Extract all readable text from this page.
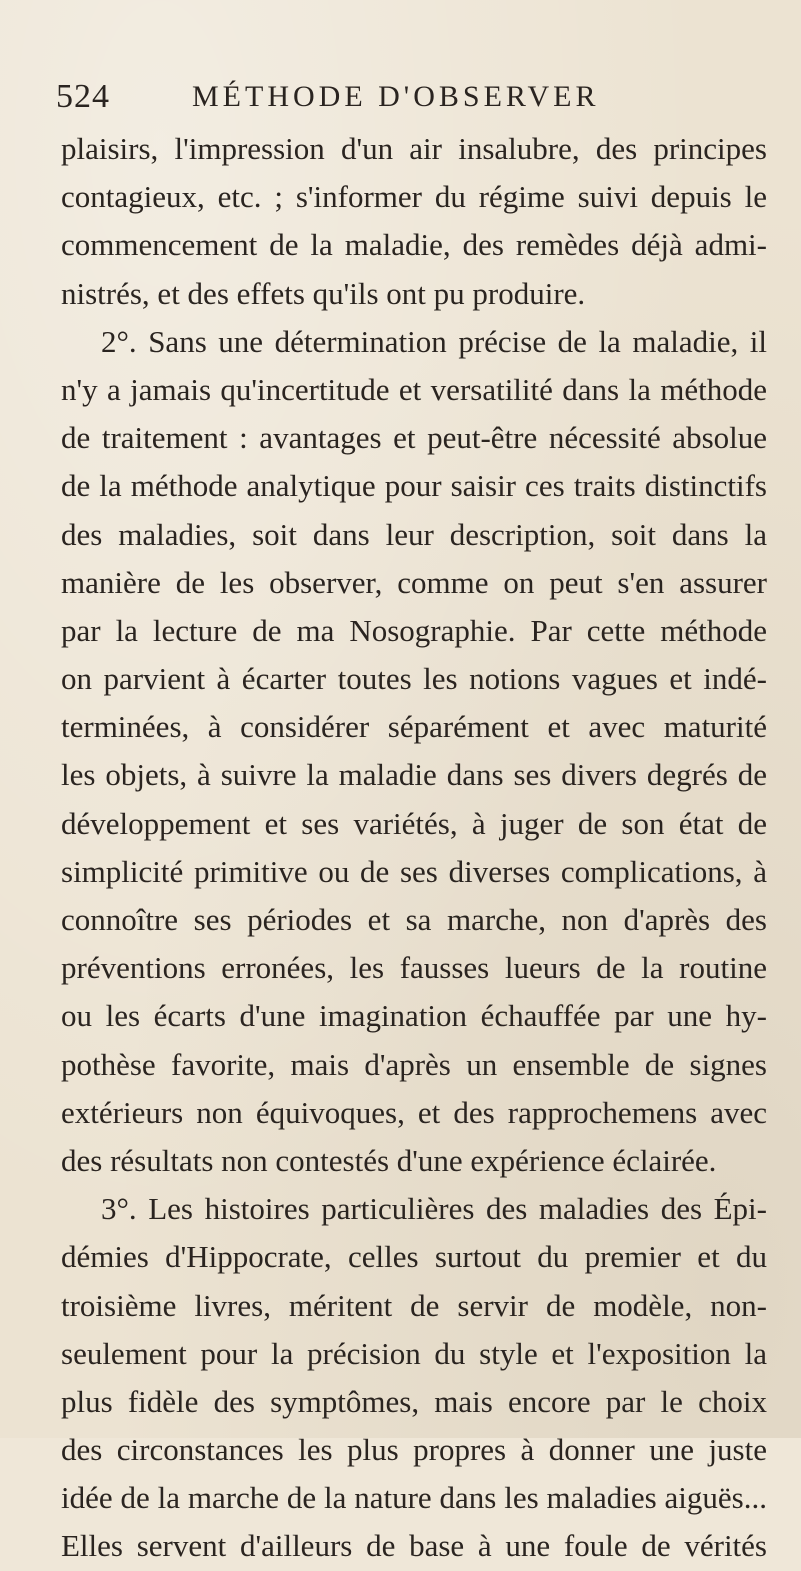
524	MÉTHODE D'OBSERVER
plaisirs, l'impression d'un air insalubre, des principes
contagieux, etc. ; s'informer du régime suivi depuis le
commencement de la maladie, des remèdes déjà admi-
nistrés, et des effets qu'ils ont pu produire.
2°. Sans une détermination précise de la maladie, il
n'y a jamais qu'incertitude et versatilité dans la méthode
de traitement : avantages et peut-être nécessité absolue
de la méthode analytique pour saisir ces traits distinctifs
des maladies, soit dans leur description, soit dans la
manière de les observer, comme on peut s'en assurer
par la lecture de ma Nosographie. Par cette méthode
on parvient à écarter toutes les notions vagues et indé-
terminées, à considérer séparément et avec maturité
les objets, à suivre la maladie dans ses divers degrés de
développement et ses variétés, à juger de son état de
simplicité primitive ou de ses diverses complications, à
connoître ses périodes et sa marche, non d'après des
préventions erronées, les fausses lueurs de la routine
ou les écarts d'une imagination échauffée par une hy-
pothèse favorite, mais d'après un ensemble de signes
extérieurs non équivoques, et des rapprochemens avec
des résultats non contestés d'une expérience éclairée.
3°. Les histoires particulières des maladies des Épi-
démies d'Hippocrate, celles surtout du premier et du
troisième livres, méritent de servir de modèle, non-
seulement pour la précision du style et l'exposition la
plus fidèle des symptômes, mais encore par le choix
des circonstances les plus propres à donner une juste
idée de la marche de la nature dans les maladies aiguës...
Elles servent d'ailleurs de base à une foule de vérités
